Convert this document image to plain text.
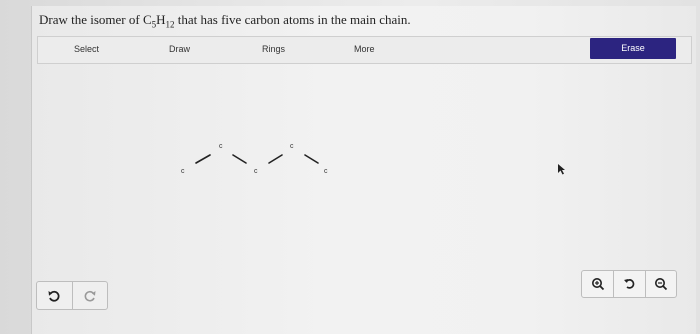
Draw the isomer of $C_5H_{12}$ that has five carbon atoms in the main chain.
Select	Draw	Rings	More	Erase
c
c
c
c
c
